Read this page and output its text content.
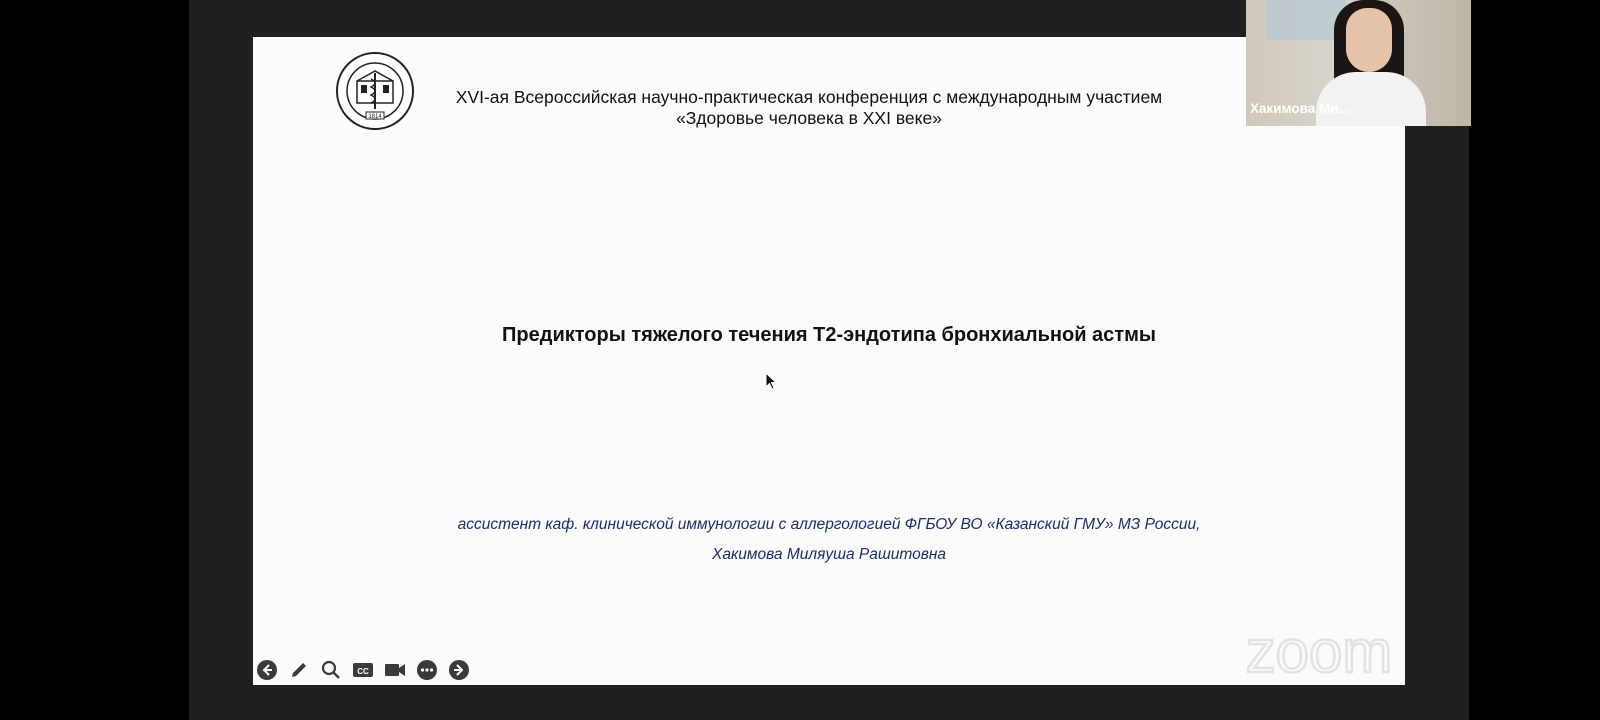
1814
XVI-ая Всероссийская научно-практическая конференция с международным участием
«Здоровье человека в XXI веке»
Предикторы тяжелого течения Т2-эндотипа бронхиальной астмы
ассистент каф. клинической иммунологии с аллергологией ФГБОУ ВО «Казанский ГМУ» МЗ России,
Хакимова Миляуша Рашитовна
CC	zoom
Хакимова Ми...
